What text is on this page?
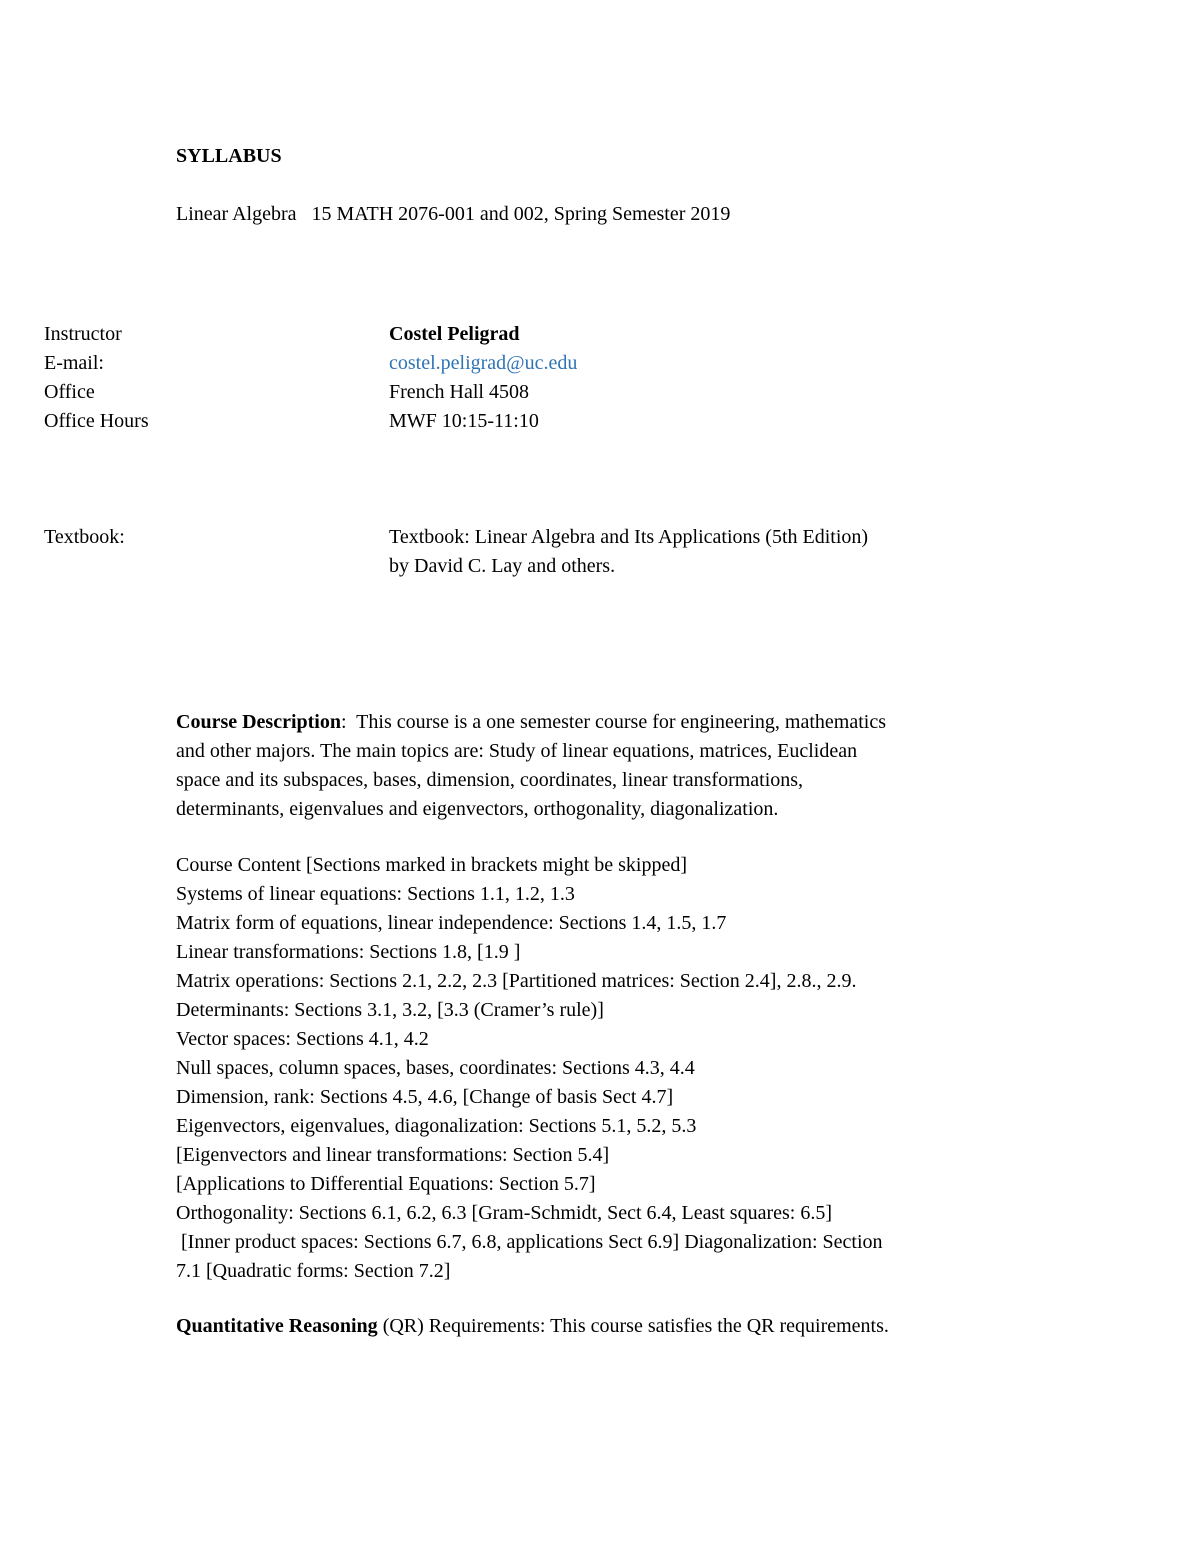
SYLLABUS
Linear Algebra   15 MATH 2076-001 and 002, Spring Semester 2019
Instructor	Costel Peligrad
E-mail:	costel.peligrad@uc.edu
Office	French Hall 4508
Office Hours	MWF 10:15-11:10
Textbook:	Textbook: Linear Algebra and Its Applications (5th Edition)
by David C. Lay and others.

Course Description:  This course is a one semester course for engineering, mathematics

and other majors. The main topics are: Study of linear equations, matrices, Euclidean

space and its subspaces, bases, dimension, coordinates, linear transformations,

determinants, eigenvalues and eigenvectors, orthogonality, diagonalization.

Course Content [Sections marked in brackets might be skipped]
Systems of linear equations: Sections 1.1, 1.2, 1.3
Matrix form of equations, linear independence: Sections 1.4, 1.5, 1.7
Linear transformations: Sections 1.8, [1.9 ]
Matrix operations: Sections 2.1, 2.2, 2.3 [Partitioned matrices: Section 2.4], 2.8., 2.9.
Determinants: Sections 3.1, 3.2, [3.3 (Cramer’s rule)]
Vector spaces: Sections 4.1, 4.2
Null spaces, column spaces, bases, coordinates: Sections 4.3, 4.4
Dimension, rank: Sections 4.5, 4.6, [Change of basis Sect 4.7]
Eigenvectors, eigenvalues, diagonalization: Sections 5.1, 5.2, 5.3
[Eigenvectors and linear transformations: Section 5.4]
[Applications to Differential Equations: Section 5.7]
Orthogonality: Sections 6.1, 6.2, 6.3 [Gram-Schmidt, Sect 6.4, Least squares: 6.5]
[Inner product spaces: Sections 6.7, 6.8, applications Sect 6.9] Diagonalization: Section
7.1 [Quadratic forms: Section 7.2]
Quantitative Reasoning (QR) Requirements: This course satisfies the QR requirements.
